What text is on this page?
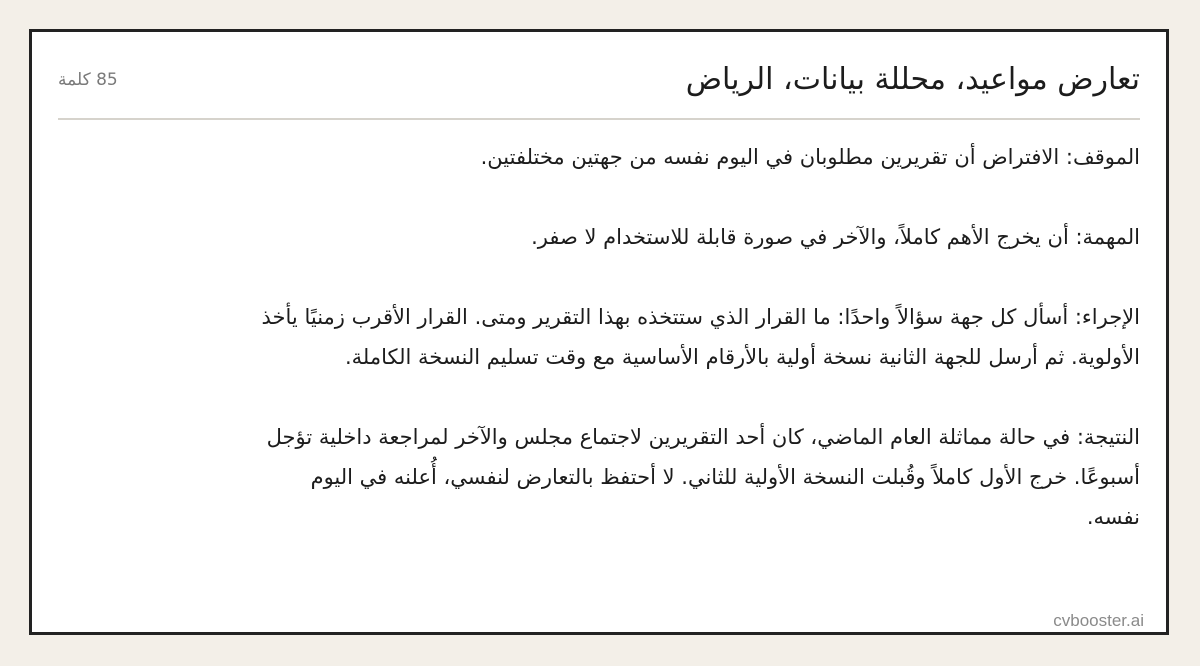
تعارض مواعيد، محللة بيانات، الرياض
85 كلمة

الموقف: الافتراض أن تقريرين مطلوبان في اليوم نفسه من جهتين مختلفتين.

المهمة: أن يخرج الأهم كاملاً، والآخر في صورة قابلة للاستخدام لا صفر.

الإجراء: أسأل كل جهة سؤالاً واحدًا: ما القرار الذي ستتخذه بهذا التقرير ومتى. القرار الأقرب زمنيًا يأخذ الأولوية. ثم أرسل للجهة الثانية نسخة أولية بالأرقام الأساسية مع وقت تسليم النسخة الكاملة.

النتيجة: في حالة مماثلة العام الماضي، كان أحد التقريرين لاجتماع مجلس والآخر لمراجعة داخلية تؤجل أسبوعًا. خرج الأول كاملاً وقُبلت النسخة الأولية للثاني. لا أحتفظ بالتعارض لنفسي، أُعلنه في اليوم نفسه.

cvbooster.ai
